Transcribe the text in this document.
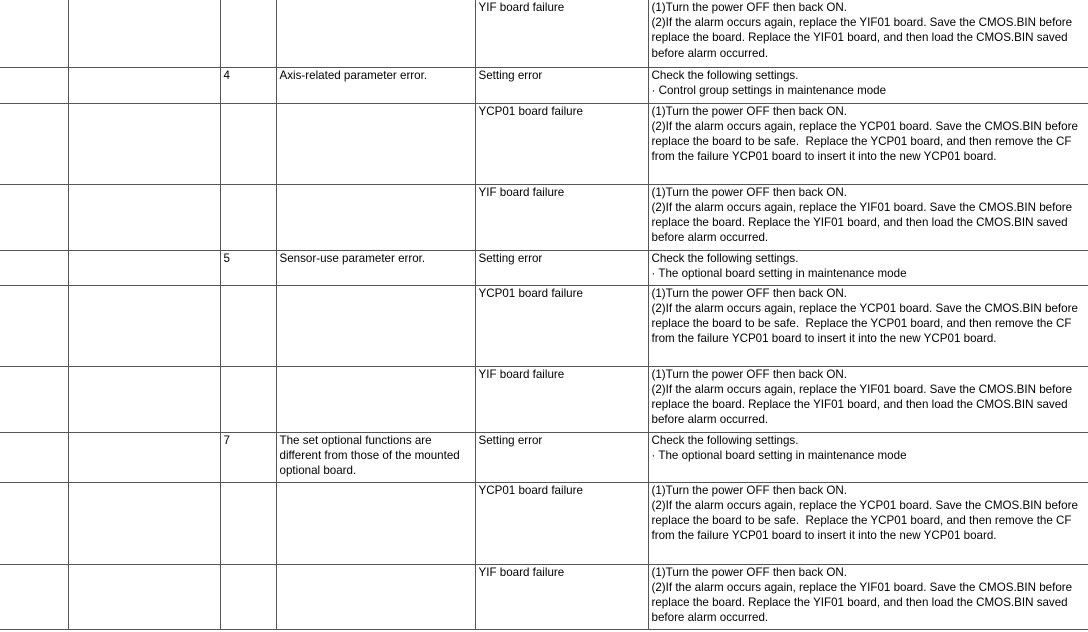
				YIF board failure	(1)Turn the power OFF then back ON.
(2)If the alarm occurs again, replace the YIF01 board. Save the CMOS.BIN before replace the board. Replace the YIF01 board, and then load the CMOS.BIN saved before alarm occurred.
		4	Axis-related parameter error.	Setting error	Check the following settings.
· Control group settings in maintenance mode
				YCP01 board failure	(1)Turn the power OFF then back ON.
(2)If the alarm occurs again, replace the YCP01 board. Save the CMOS.BIN before replace the board to be safe.  Replace the YCP01 board, and then remove the CF from the failure YCP01 board to insert it into the new YCP01 board.
				YIF board failure	(1)Turn the power OFF then back ON.
(2)If the alarm occurs again, replace the YIF01 board. Save the CMOS.BIN before replace the board. Replace the YIF01 board, and then load the CMOS.BIN saved before alarm occurred.
		5	Sensor-use parameter error.	Setting error	Check the following settings.
· The optional board setting in maintenance mode
				YCP01 board failure	(1)Turn the power OFF then back ON.
(2)If the alarm occurs again, replace the YCP01 board. Save the CMOS.BIN before replace the board to be safe.  Replace the YCP01 board, and then remove the CF from the failure YCP01 board to insert it into the new YCP01 board.
				YIF board failure	(1)Turn the power OFF then back ON.
(2)If the alarm occurs again, replace the YIF01 board. Save the CMOS.BIN before replace the board. Replace the YIF01 board, and then load the CMOS.BIN saved before alarm occurred.
		7	The set optional functions are different from those of the mounted optional board.	Setting error	Check the following settings.
· The optional board setting in maintenance mode
				YCP01 board failure	(1)Turn the power OFF then back ON.
(2)If the alarm occurs again, replace the YCP01 board. Save the CMOS.BIN before replace the board to be safe.  Replace the YCP01 board, and then remove the CF from the failure YCP01 board to insert it into the new YCP01 board.
				YIF board failure	(1)Turn the power OFF then back ON.
(2)If the alarm occurs again, replace the YIF01 board. Save the CMOS.BIN before replace the board. Replace the YIF01 board, and then load the CMOS.BIN saved before alarm occurred.
